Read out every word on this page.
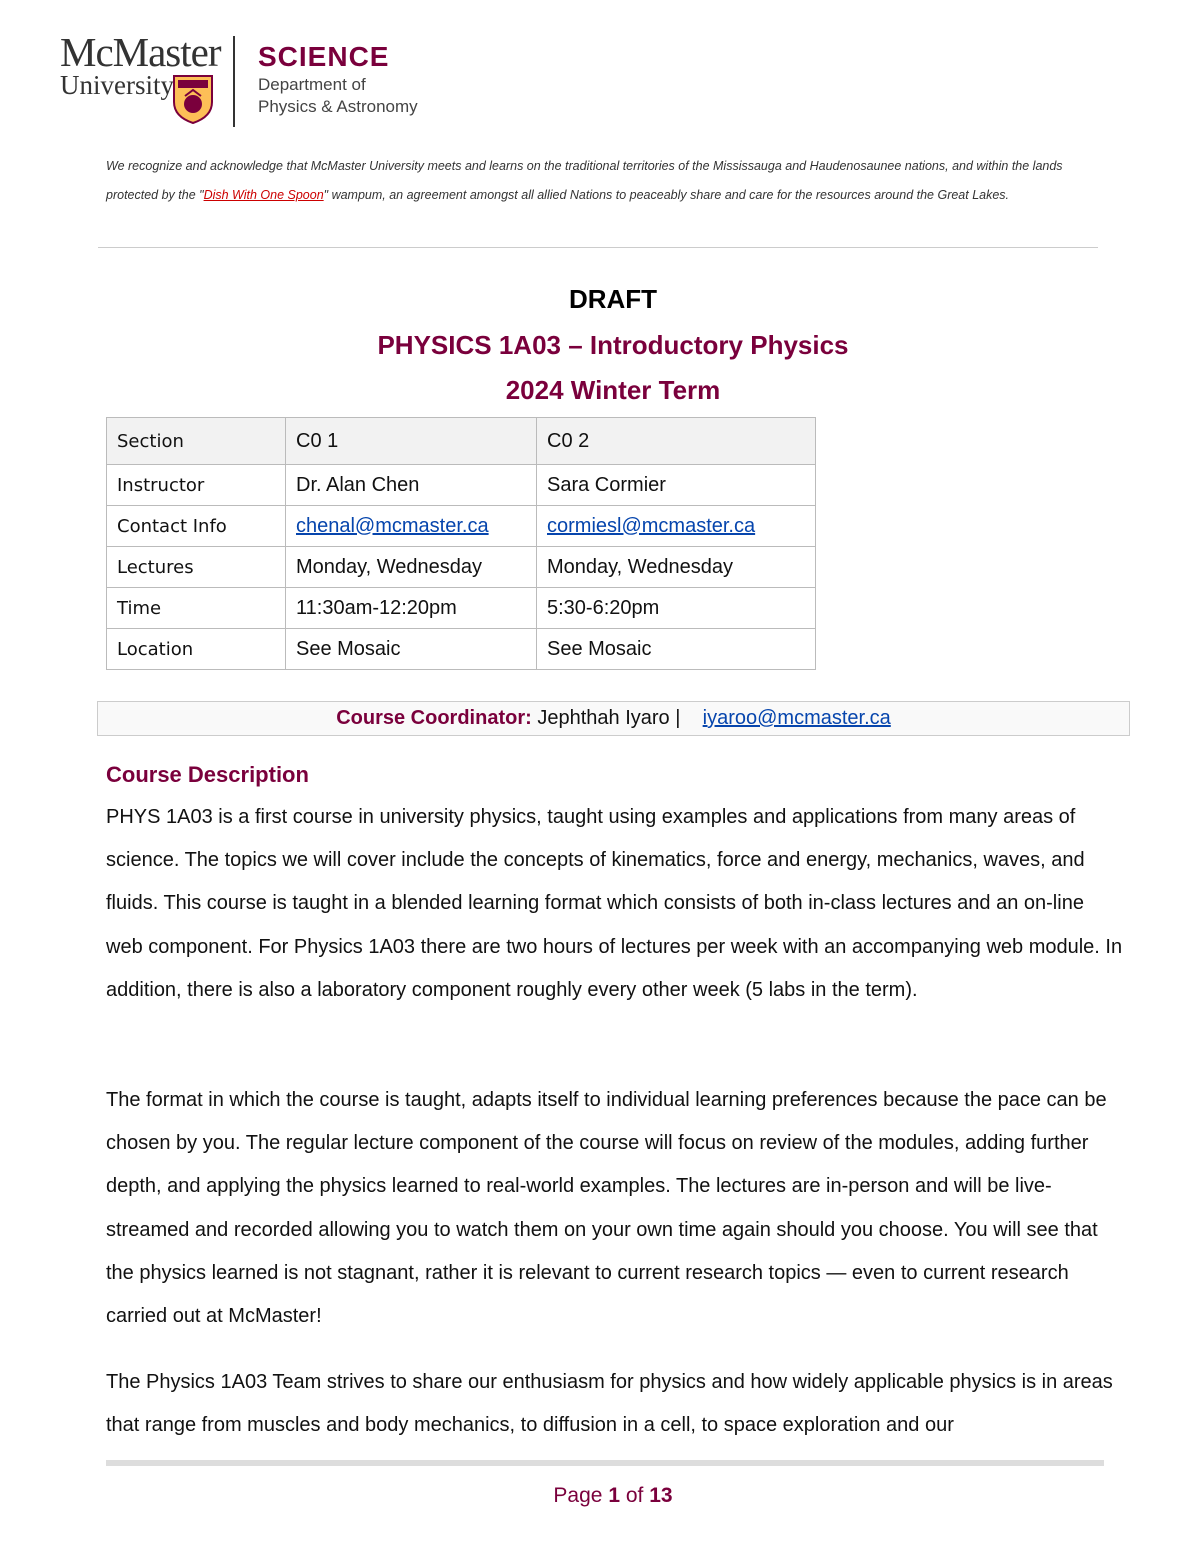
McMaster
University
SCIENCE
Department of
Physics & Astronomy
We recognize and acknowledge that McMaster University meets and learns on the traditional territories of the Mississauga and Haudenosaunee nations, and within the lands protected by the "Dish With One Spoon" wampum, an agreement amongst all allied Nations to peaceably share and care for the resources around the Great Lakes.
DRAFT
PHYSICS 1A03 – Introductory Physics
2024 Winter Term
Section	C0 1	C0 2
Instructor	Dr. Alan Chen	Sara Cormier
Contact Info	chenal@mcmaster.ca	cormiesl@mcmaster.ca
Lectures	Monday, Wednesday	Monday, Wednesday
Time	11:30am-12:20pm	5:30-6:20pm
Location	See Mosaic	See Mosaic
Course Coordinator: Jephthah Iyaro | iyaroo@mcmaster.ca
Course Description
PHYS 1A03 is a first course in university physics, taught using examples and applications from many areas of science. The topics we will cover include the concepts of kinematics, force and energy, mechanics, waves, and fluids. This course is taught in a blended learning format which consists of both in-class lectures and an on-line web component. For Physics 1A03 there are two hours of lectures per week with an accompanying web module. In addition, there is also a laboratory component roughly every other week (5 labs in the term).
The format in which the course is taught, adapts itself to individual learning preferences because the pace can be chosen by you. The regular lecture component of the course will focus on review of the modules, adding further depth, and applying the physics learned to real-world examples. The lectures are in-person and will be live-streamed and recorded allowing you to watch them on your own time again should you choose. You will see that the physics learned is not stagnant, rather it is relevant to current research topics — even to current research carried out at McMaster!
The Physics 1A03 Team strives to share our enthusiasm for physics and how widely applicable physics is in areas that range from muscles and body mechanics, to diffusion in a cell, to space exploration and our
Page 1 of 13
